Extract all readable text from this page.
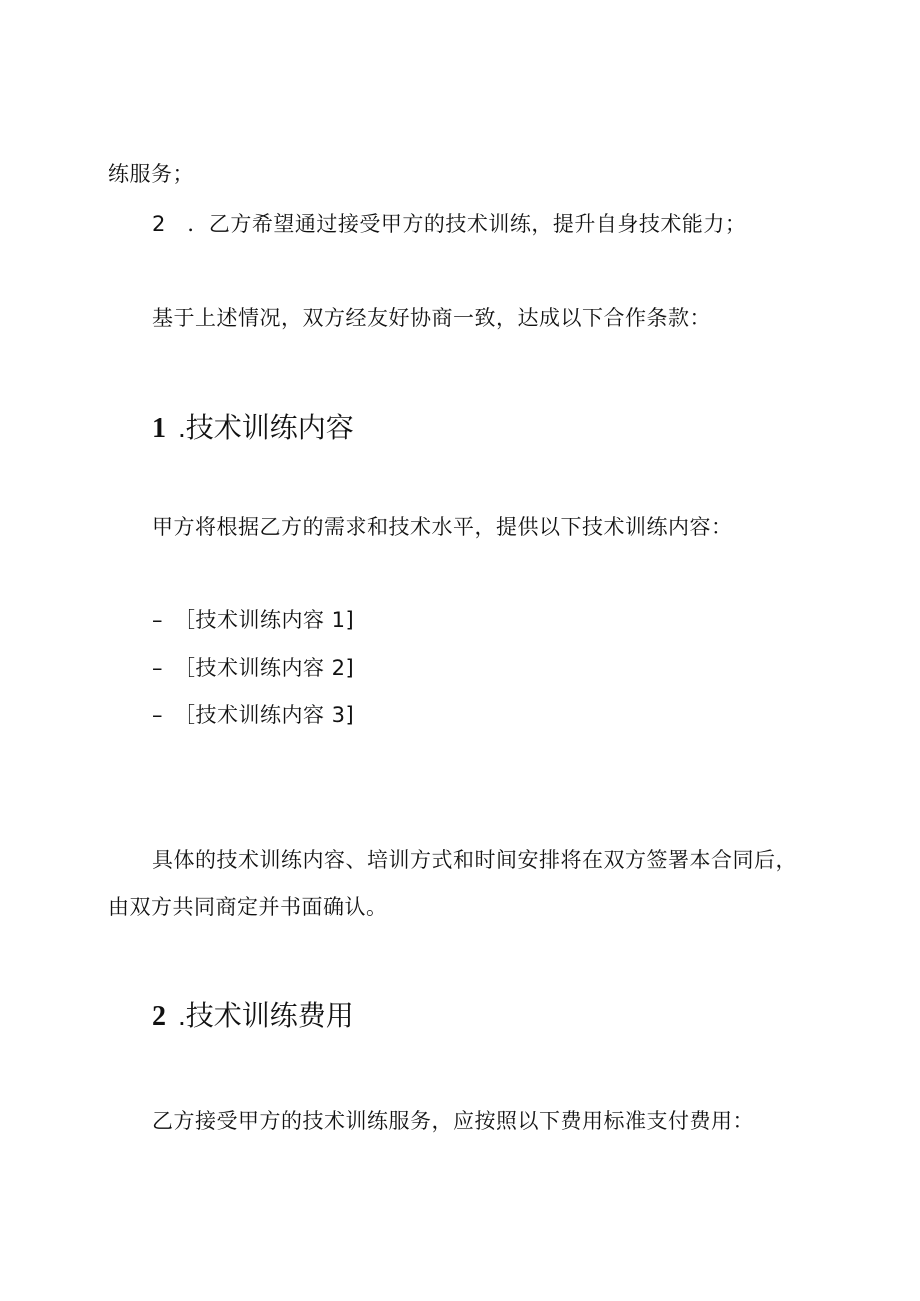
练服务；
2　．乙方希望通过接受甲方的技术训练，提升自身技术能力；
基于上述情况，双方经友好协商一致，达成以下合作条款：
1 .技术训练内容
甲方将根据乙方的需求和技术水平，提供以下技术训练内容：
– ［技术训练内容 1]
– ［技术训练内容 2]
– ［技术训练内容 3]
具体的技术训练内容、培训方式和时间安排将在双方签署本合同后，
由双方共同商定并书面确认。
2 .技术训练费用
乙方接受甲方的技术训练服务，应按照以下费用标准支付费用：
